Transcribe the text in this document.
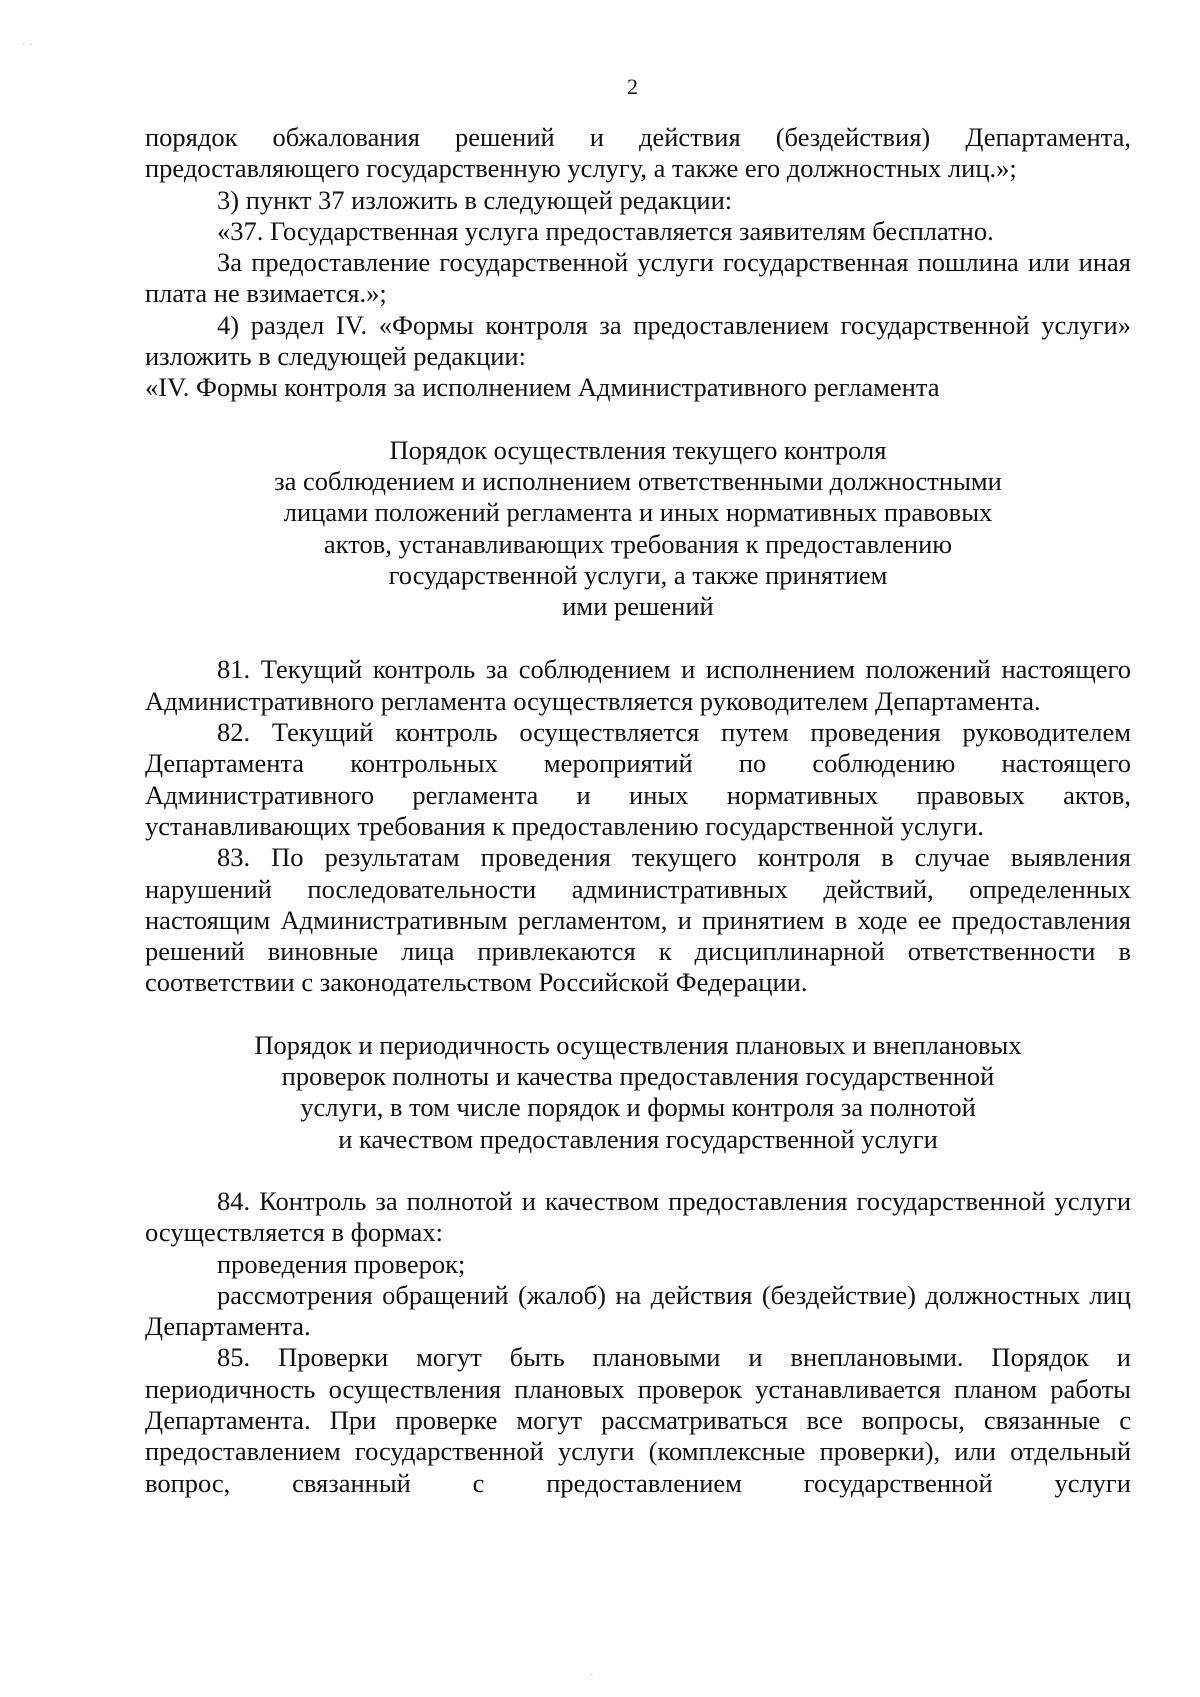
· ·
2

порядок обжалования решений и действия (бездействия) Департамента, предоставляющего государственную услугу, а также его должностных лиц.»;

3) пункт 37 изложить в следующей редакции:

«37. Государственная услуга предоставляется заявителям бесплатно.

За предоставление государственной услуги государственная пошлина или иная плата не взимается.»;

4) раздел IV. «Формы контроля за предоставлением государственной услуги» изложить в следующей редакции:

«IV. Формы контроля за исполнением Административного регламента

Порядок осуществления текущего контроля
за соблюдением и исполнением ответственными должностными
лицами положений регламента и иных нормативных правовых
актов, устанавливающих требования к предоставлению
государственной услуги, а также принятием
ими решений

81. Текущий контроль за соблюдением и исполнением положений настоящего Административного регламента осуществляется руководителем Департамента.

82. Текущий контроль осуществляется путем проведения руководителем Департамента контрольных мероприятий по соблюдению настоящего Административного регламента и иных нормативных правовых актов, устанавливающих требования к предоставлению государственной услуги.

83. По результатам проведения текущего контроля в случае выявления нарушений последовательности административных действий, определенных настоящим Административным регламентом, и принятием в ходе ее предоставления решений виновные лица привлекаются к дисциплинарной ответственности в соответствии с законодательством Российской Федерации.

Порядок и периодичность осуществления плановых и внеплановых
проверок полноты и качества предоставления государственной
услуги, в том числе порядок и формы контроля за полнотой
и качеством предоставления государственной услуги

84. Контроль за полнотой и качеством предоставления государственной услуги осуществляется в формах:

проведения проверок;

рассмотрения обращений (жалоб) на действия (бездействие) должностных лиц Департамента.

85. Проверки могут быть плановыми и внеплановыми. Порядок и периодичность осуществления плановых проверок устанавливается планом работы Департамента. При проверке могут рассматриваться все вопросы, связанные с предоставлением государственной услуги (комплексные проверки), или отдельный вопрос, связанный с предоставлением государственной услуги

·
